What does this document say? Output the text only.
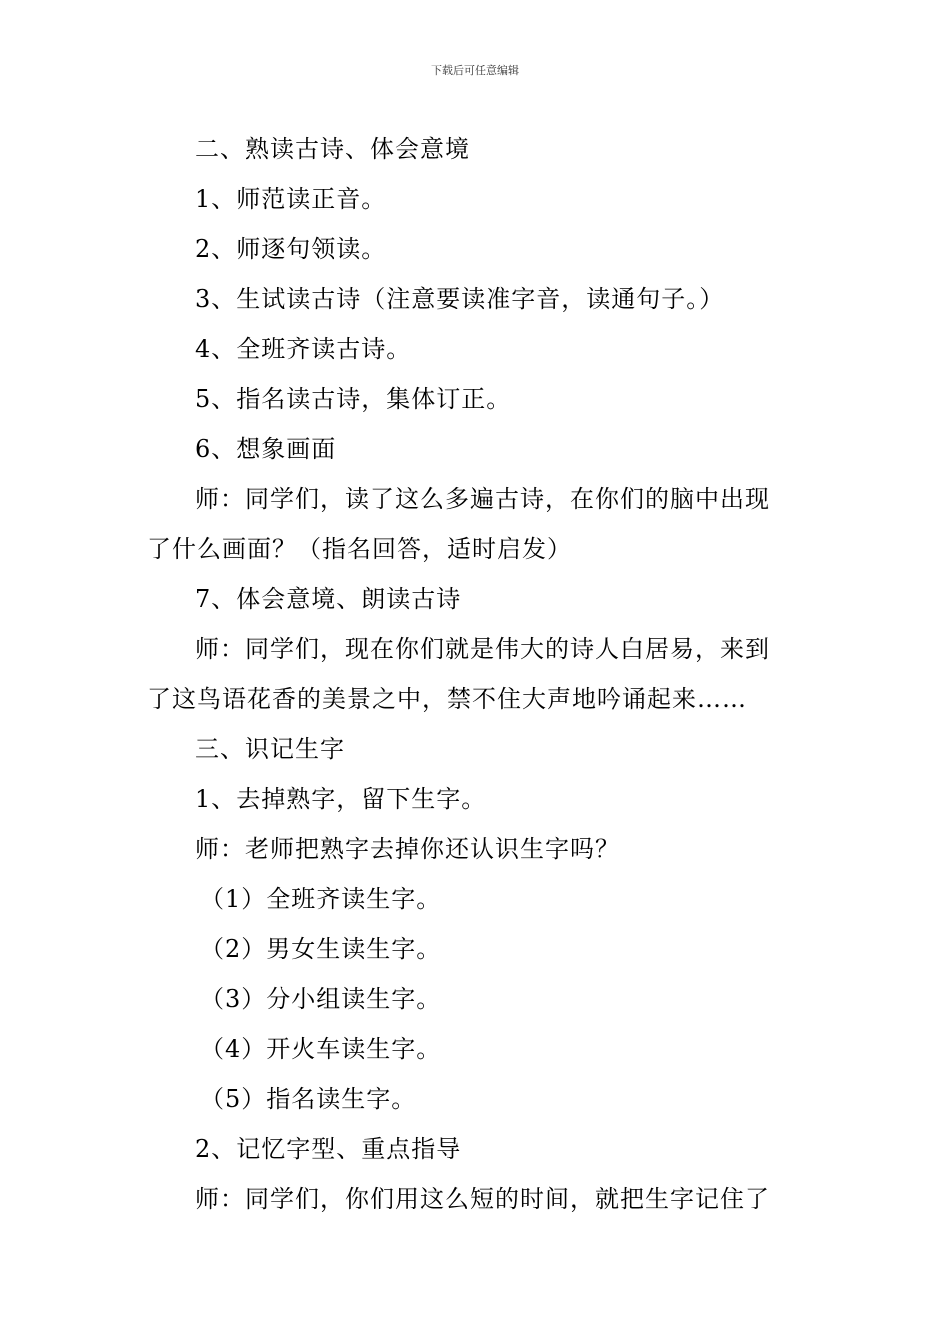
下载后可任意编辑
二、熟读古诗、体会意境
1、师范读正音。
2、师逐句领读。
3、生试读古诗（注意要读准字音，读通句子。）
4、全班齐读古诗。
5、指名读古诗，集体订正。
6、想象画面
师：同学们，读了这么多遍古诗，在你们的脑中出现
了什么画面？（指名回答，适时启发）
7、体会意境、朗读古诗
师：同学们，现在你们就是伟大的诗人白居易，来到
了这鸟语花香的美景之中，禁不住大声地吟诵起来……
三、识记生字
1、去掉熟字，留下生字。
师：老师把熟字去掉你还认识生字吗？
（1）全班齐读生字。
（2）男女生读生字。
（3）分小组读生字。
（4）开火车读生字。
（5）指名读生字。
2、记忆字型、重点指导
师：同学们，你们用这么短的时间，就把生字记住了
